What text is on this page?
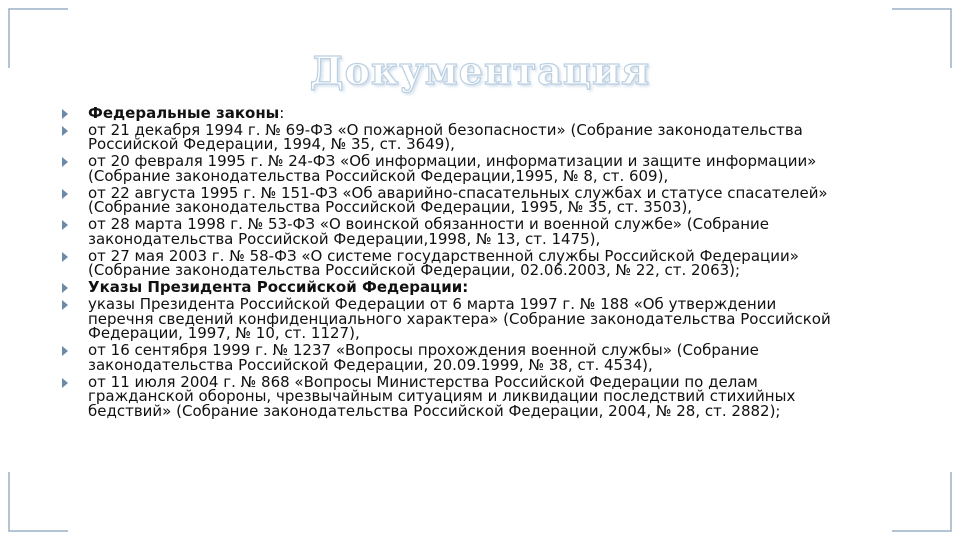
Документация
Федеральные законы:
от 21 декабря 1994 г. № 69-ФЗ «О пожарной безопасности» (Собрание законодательства Российской Федерации, 1994, № 35, ст. 3649),
от 20 февраля 1995 г. № 24-ФЗ «Об информации, информатизации и защите информации» (Собрание законодательства Российской Федерации,1995, № 8, ст. 609),
от 22 августа 1995 г. № 151-ФЗ «Об аварийно-спасательных службах и статусе спасателей» (Собрание законодательства Российской Федерации, 1995, № 35, ст. 3503),
от 28 марта 1998 г. № 53-ФЗ «О воинской обязанности и военной службе» (Собрание законодательства Российской Федерации,1998, № 13, ст. 1475),
от 27 мая 2003 г. № 58-ФЗ «О системе государственной службы Российской Федерации» (Собрание законодательства Российской Федерации, 02.06.2003, № 22, ст. 2063);
Указы Президента Российской Федерации:
указы Президента Российской Федерации от 6 марта 1997 г. № 188 «Об утверждении перечня сведений конфиденциального характера» (Собрание законодательства Российской Федерации, 1997, № 10, ст. 1127),
от 16 сентября 1999 г. № 1237 «Вопросы прохождения военной службы» (Собрание законодательства Российской Федерации, 20.09.1999, № 38, ст. 4534),
от 11 июля 2004 г. № 868 «Вопросы Министерства Российской Федерации по делам гражданской обороны, чрезвычайным ситуациям и ликвидации последствий стихийных бедствий» (Собрание законодательства Российской Федерации, 2004, № 28, ст. 2882);
